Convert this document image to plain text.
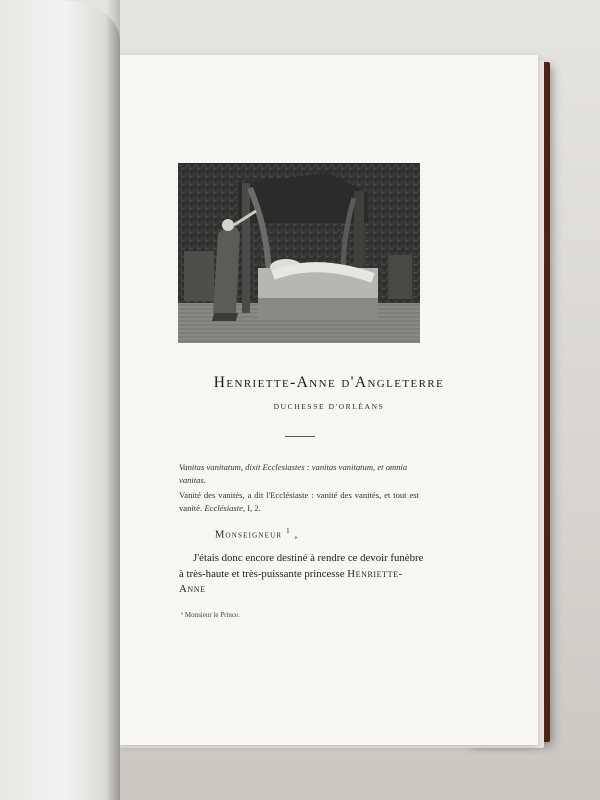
Henriette-Anne d'Angleterre
DUCHESSE D'ORLÉANS
Vanitas vanitatum, dixit Ecclesiastes : vanitas vanitatum, et omnia vanitas.
Vanité des vanités, a dit l'Ecclésiaste : vanité des vanités, et tout est vanité. Ecclésiaste, I, 2.
Monseigneur $^1$ ,
J'étais donc encore destiné à rendre ce devoir funèbre
à très-haute et très-puissante princesse Henriette-Anne
¹ Monsieur le Prince.
